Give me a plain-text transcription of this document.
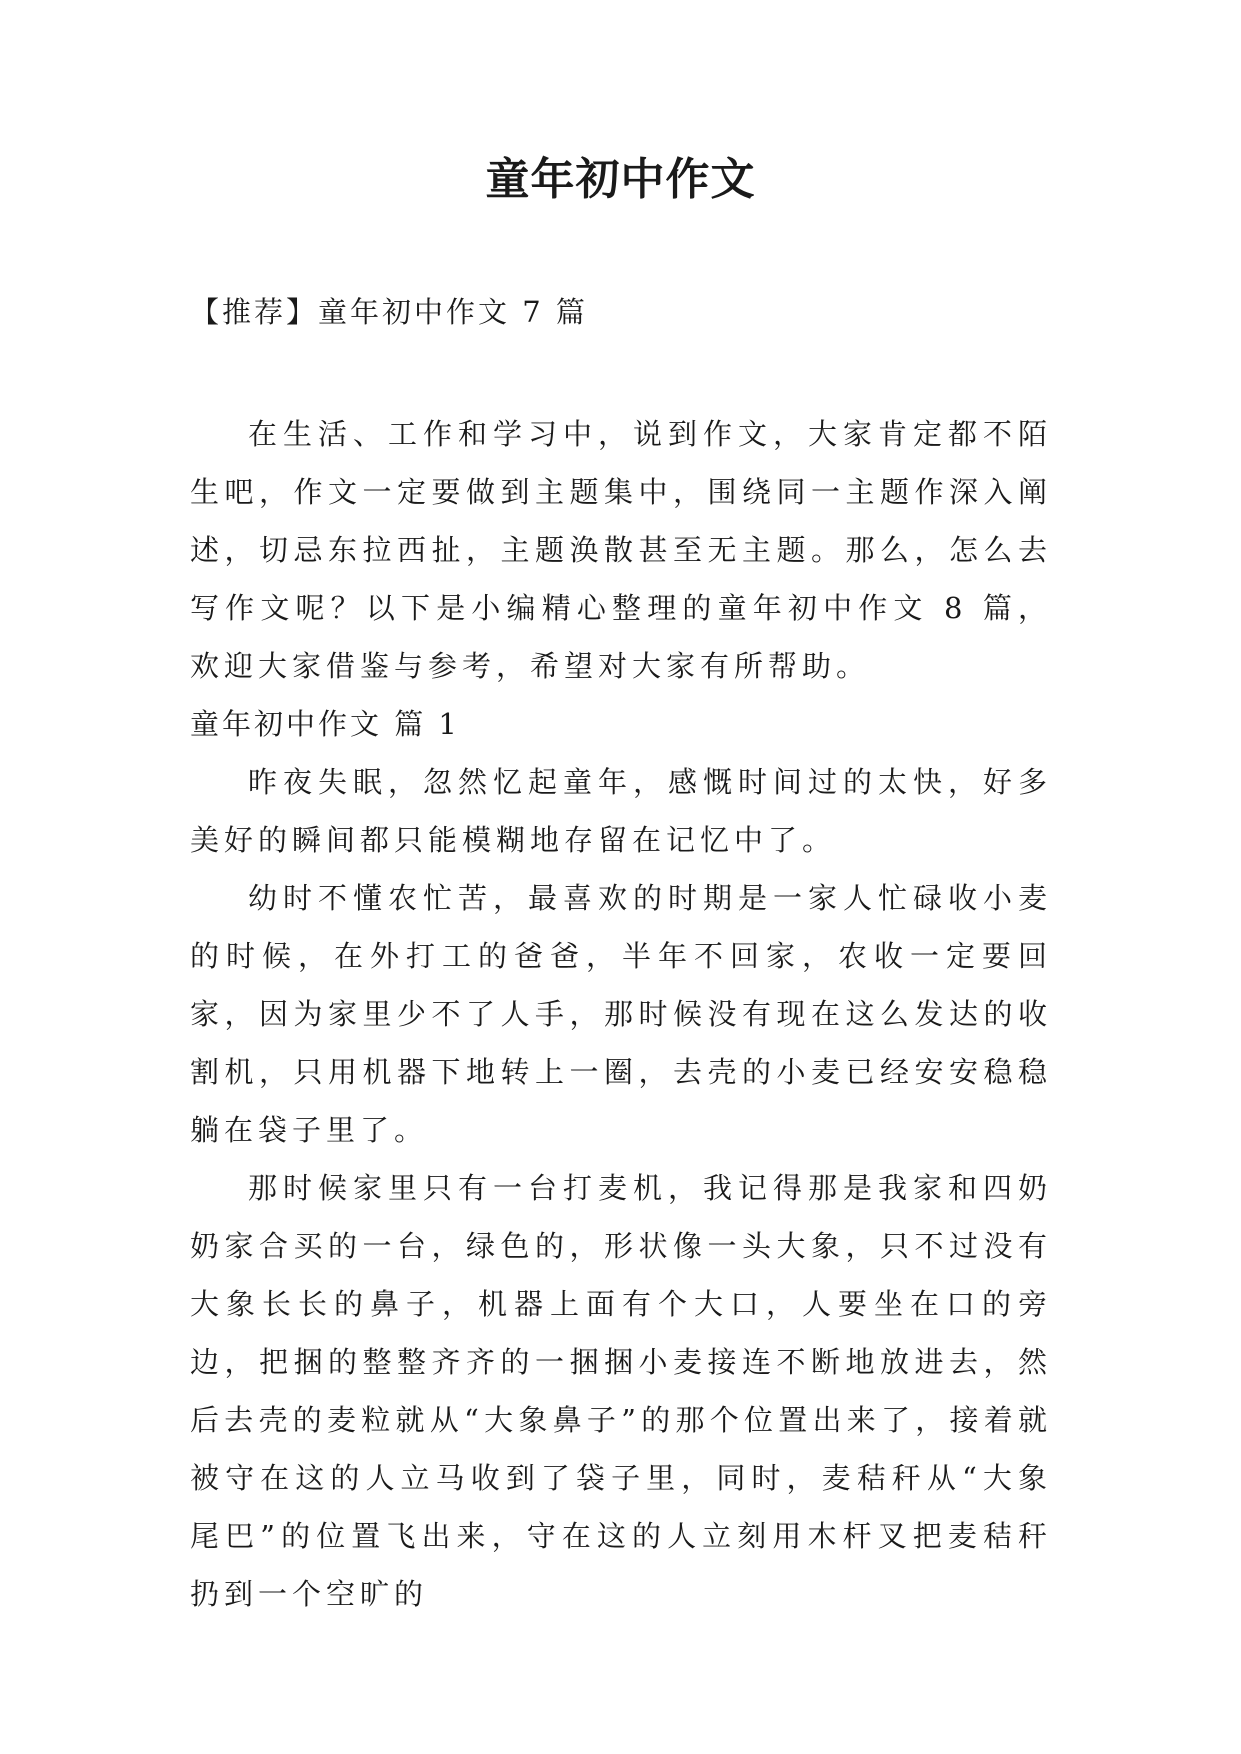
童年初中作文
【推荐】童年初中作文 7 篇

在生活、工作和学习中，说到作文，大家肯定都不陌生吧，作文一定要做到主题集中，围绕同一主题作深入阐述，切忌东拉西扯，主题涣散甚至无主题。那么，怎么去写作文呢？以下是小编精心整理的童年初中作文 8 篇，欢迎大家借鉴与参考，希望对大家有所帮助。

童年初中作文 篇 1

昨夜失眠，忽然忆起童年，感慨时间过的太快，好多美好的瞬间都只能模糊地存留在记忆中了。

幼时不懂农忙苦，最喜欢的时期是一家人忙碌收小麦的时候，在外打工的爸爸，半年不回家，农收一定要回家，因为家里少不了人手，那时候没有现在这么发达的收割机，只用机器下地转上一圈，去壳的小麦已经安安稳稳躺在袋子里了。

那时候家里只有一台打麦机，我记得那是我家和四奶奶家合买的一台，绿色的，形状像一头大象，只不过没有大象长长的鼻子，机器上面有个大口，人要坐在口的旁边，把捆的整整齐齐的一捆捆小麦接连不断地放进去，然后去壳的麦粒就从“大象鼻子”的那个位置出来了，接着就被守在这的人立马收到了袋子里，同时，麦秸秆从“大象尾巴”的位置飞出来，守在这的人立刻用木杆叉把麦秸秆扔到一个空旷的
